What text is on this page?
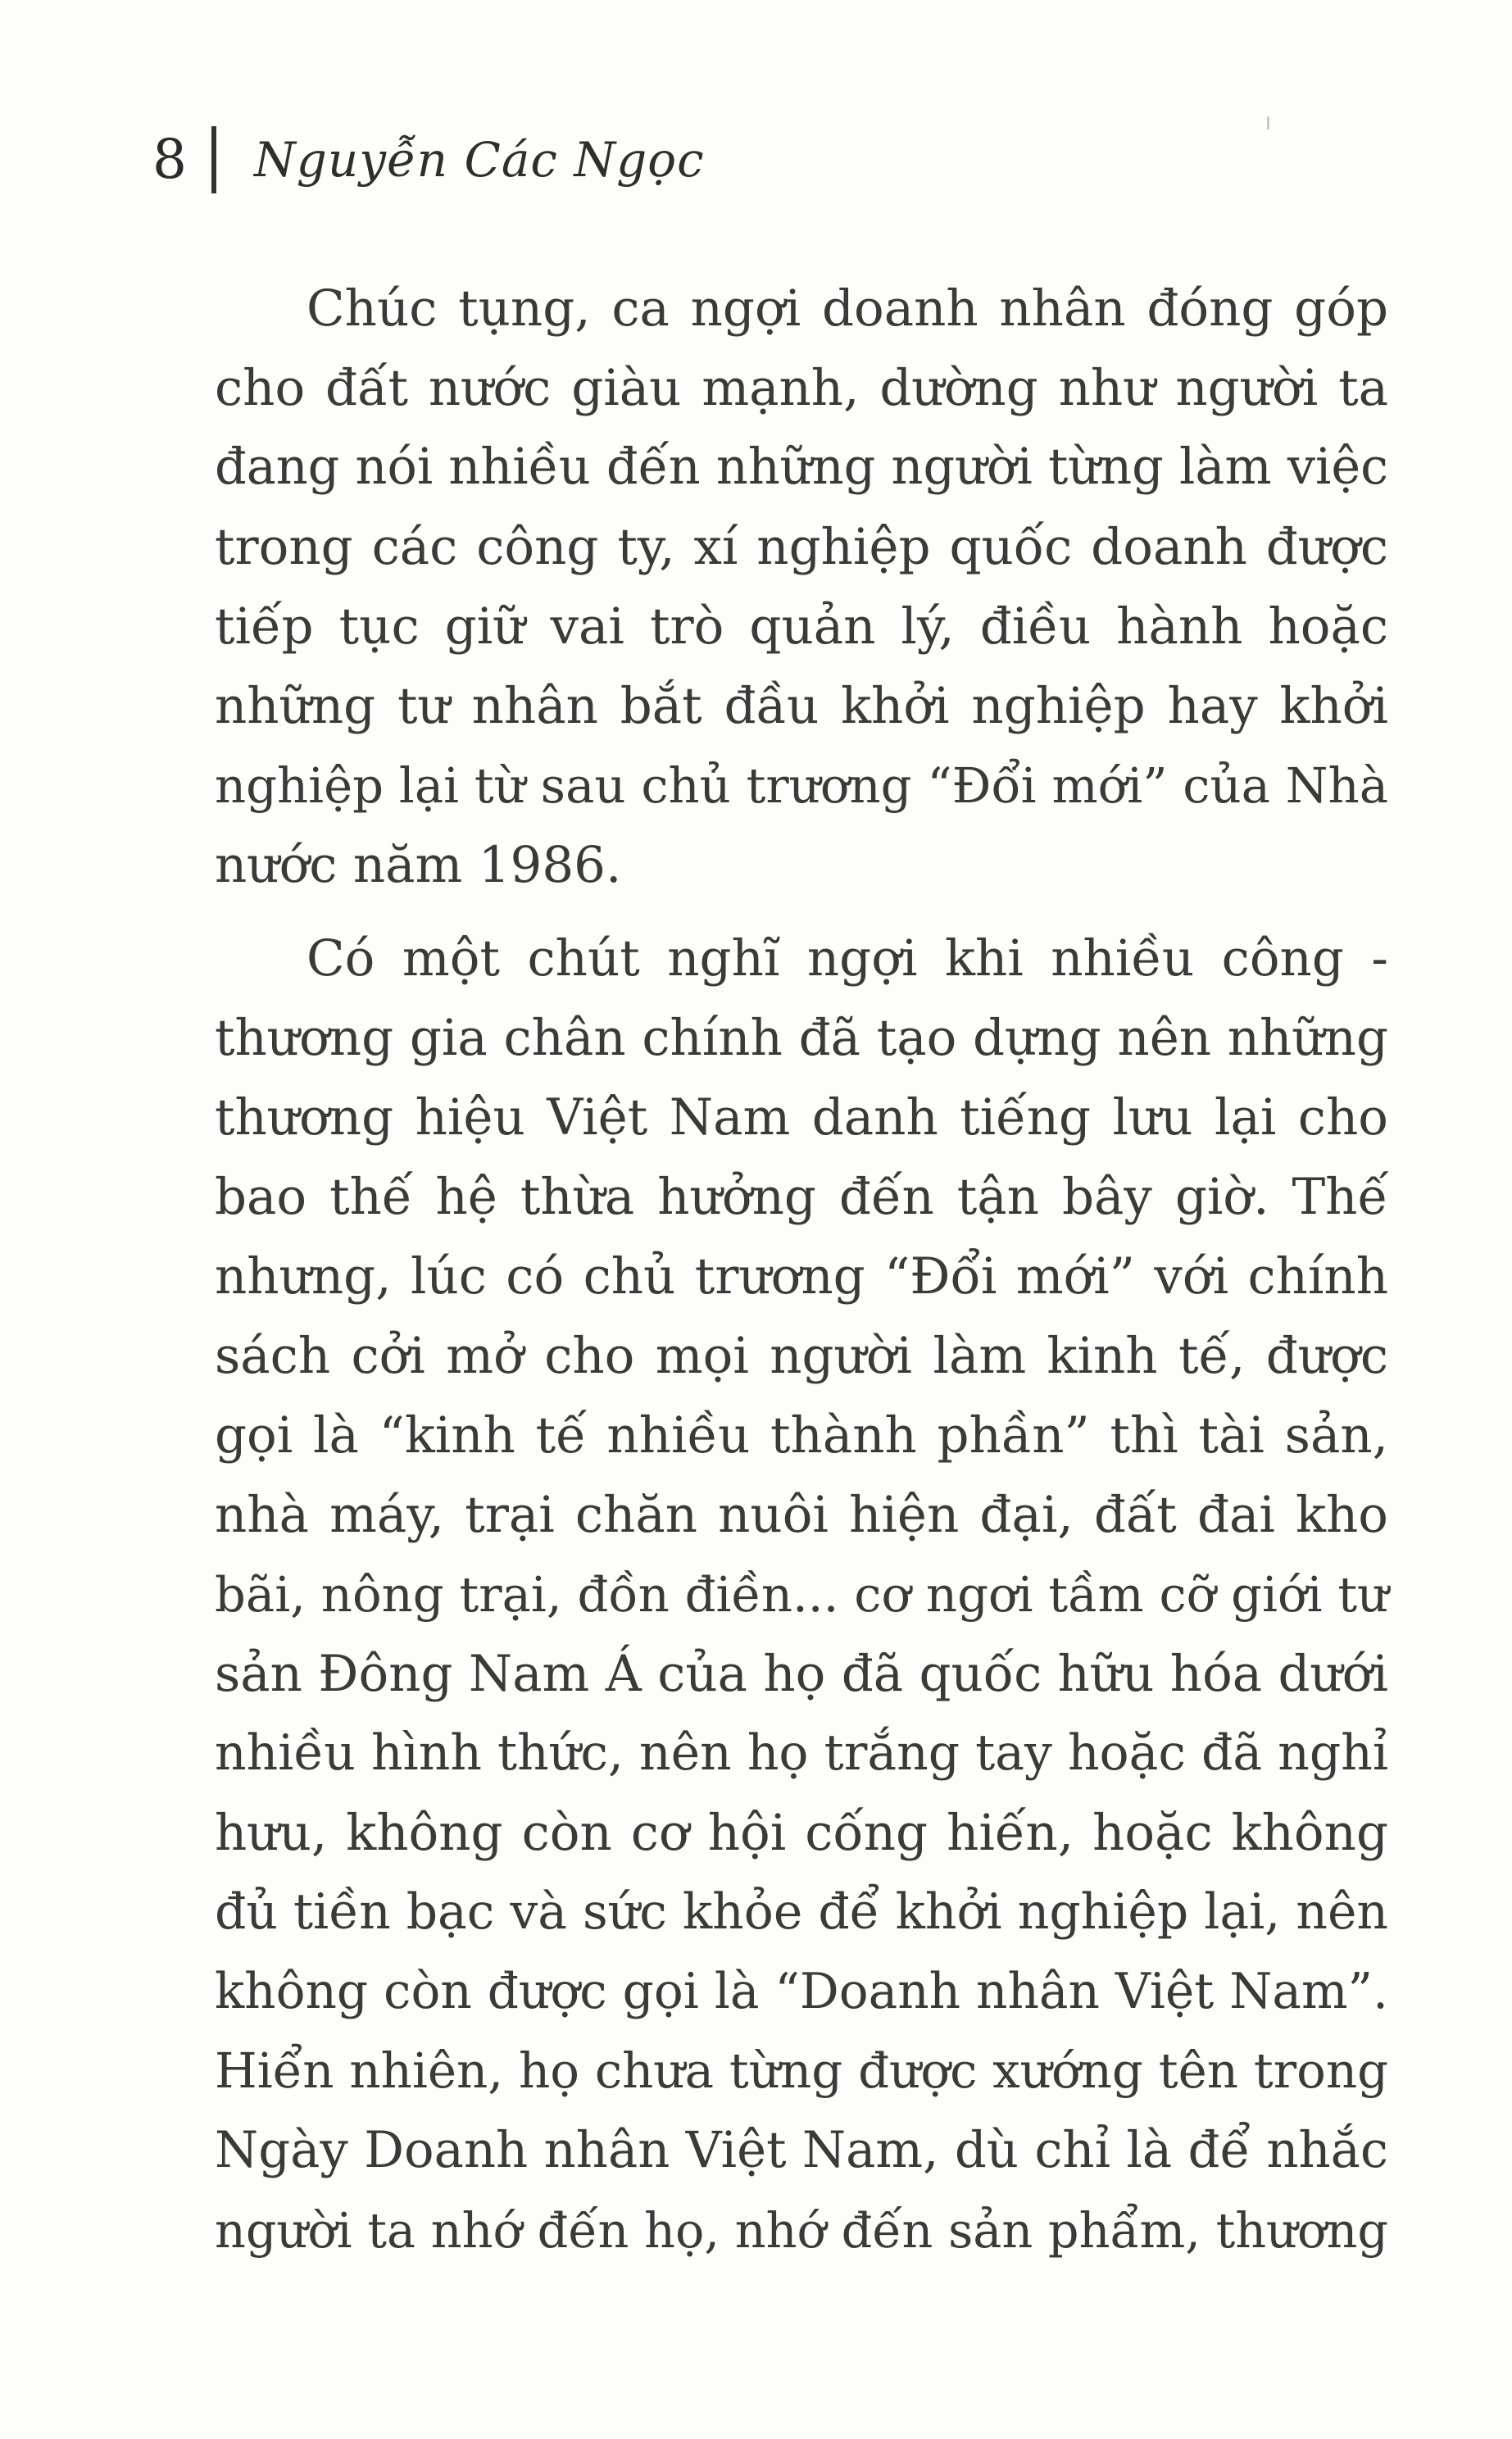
8 Nguyễn Các Ngọc
Chúc tụng, ca ngợi doanh nhân đóng góp
cho đất nước giàu mạnh, dường như người ta
đang nói nhiều đến những người từng làm việc
trong các công ty, xí nghiệp quốc doanh được
tiếp tục giữ vai trò quản lý, điều hành hoặc
những tư nhân bắt đầu khởi nghiệp hay khởi
nghiệp lại từ sau chủ trương “Đổi mới” của Nhà
nước năm 1986.
Có một chút nghĩ ngợi khi nhiều công -
thương gia chân chính đã tạo dựng nên những
thương hiệu Việt Nam danh tiếng lưu lại cho
bao thế hệ thừa hưởng đến tận bây giờ. Thế
nhưng, lúc có chủ trương “Đổi mới” với chính
sách cởi mở cho mọi người làm kinh tế, được
gọi là “kinh tế nhiều thành phần” thì tài sản,
nhà máy, trại chăn nuôi hiện đại, đất đai kho
bãi, nông trại, đồn điền... cơ ngơi tầm cỡ giới tư
sản Đông Nam Á của họ đã quốc hữu hóa dưới
nhiều hình thức, nên họ trắng tay hoặc đã nghỉ
hưu, không còn cơ hội cống hiến, hoặc không
đủ tiền bạc và sức khỏe để khởi nghiệp lại, nên
không còn được gọi là “Doanh nhân Việt Nam”.
Hiển nhiên, họ chưa từng được xướng tên trong
Ngày Doanh nhân Việt Nam, dù chỉ là để nhắc
người ta nhớ đến họ, nhớ đến sản phẩm, thương
